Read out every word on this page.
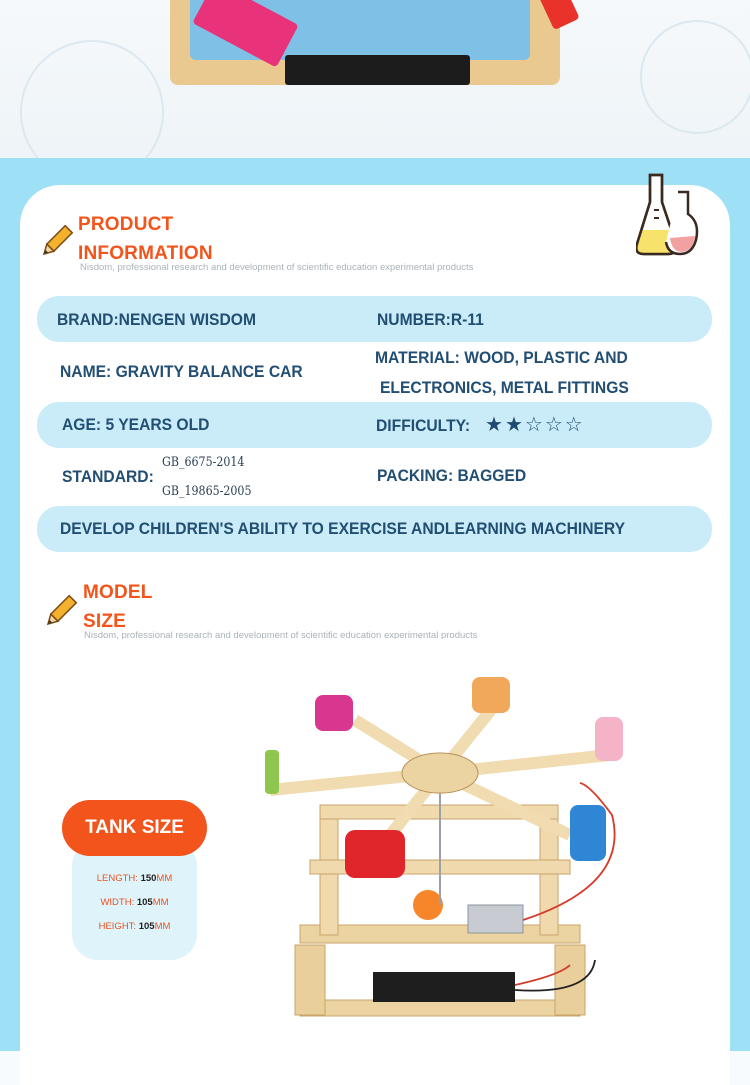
PRODUCT
INFORMATION
Nisdom, professional research and development of scientific education experimental products
BRAND:NENGEN WISDOM	NUMBER:R-11
NAME: GRAVITY BALANCE CAR
MATERIAL: WOOD, PLASTIC AND
ELECTRONICS, METAL FITTINGS
AGE: 5 YEARS OLD	DIFFICULTY: ★★☆☆☆
STANDARD:
GB_6675-2014
GB_19865-2005
PACKING: BAGGED
DEVELOP CHILDREN'S ABILITY TO EXERCISE ANDLEARNING MACHINERY
MODEL
SIZE
Nisdom, professional research and development of scientific education experimental products
TANK SIZE
LENGTH: 150MM
WIDTH: 105MM
HEIGHT: 105MM
